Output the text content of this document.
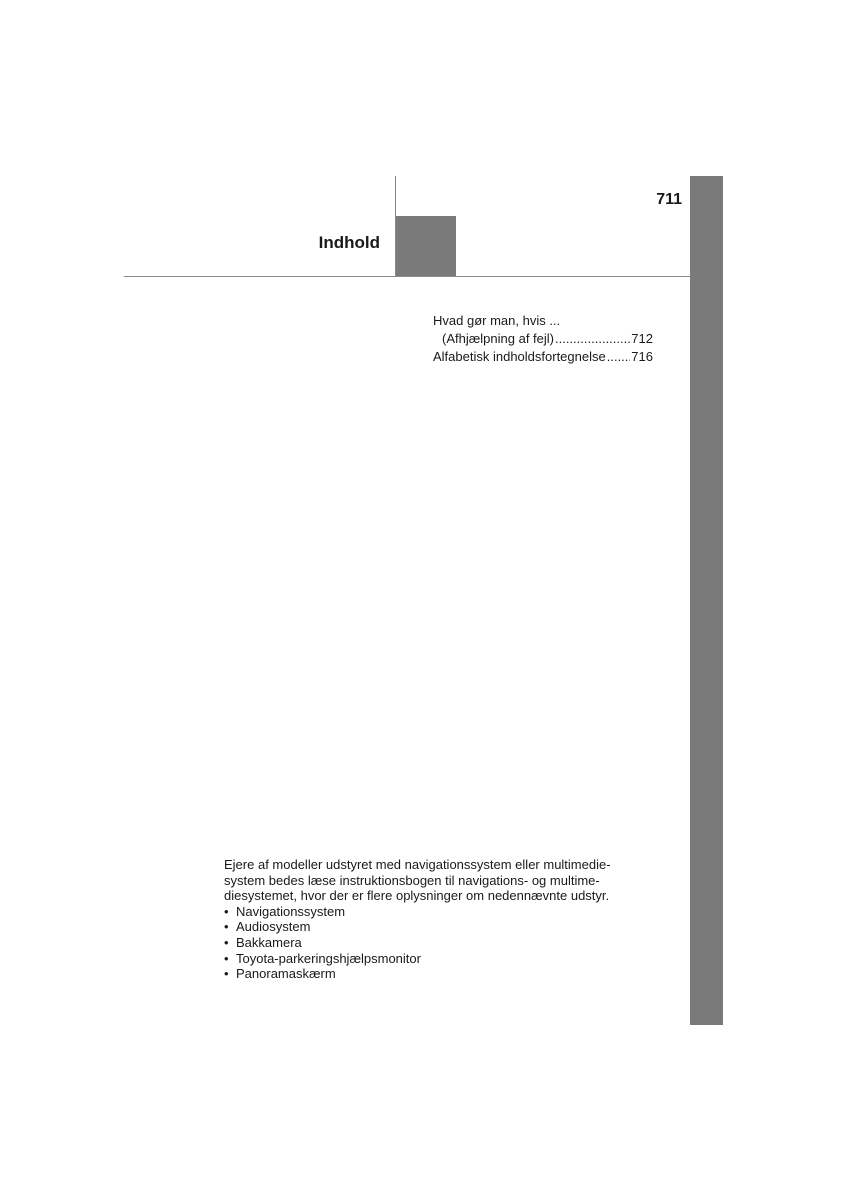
711
Indhold
Hvad gør man, hvis ...
(Afhjælpning af fejl) .....	712
Alfabetisk indholdsfortegnelse ..... 716

Ejere af modeller udstyret med navigationssystem eller multimedie-
system bedes læse instruktionsbogen til navigations- og multime-
diesystemet, hvor der er flere oplysninger om nedennævnte udstyr.

• Navigationssystem
• Audiosystem
• Bakkamera
• Toyota-parkeringshjælpsmonitor
• Panoramaskærm
